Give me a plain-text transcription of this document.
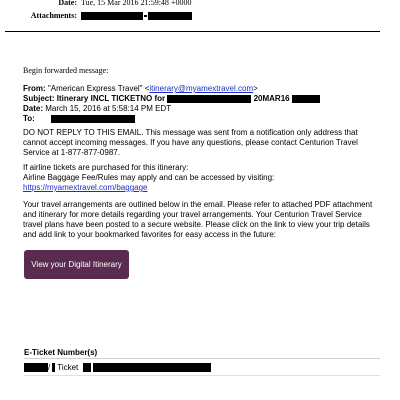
Date: Tue, 15 Mar 2016 21:59:48 +0000
Attachments:
Begin forwarded message:
From: "American Express Travel" <itinerary@myamextravel.com>
Subject: Itinerary INCL TICKETNO for	20MAR16
Date: March 15, 2016 at 5:58:14 PM EDT
To:
DO NOT REPLY TO THIS EMAIL. This message was sent from a notification only address that
cannot accept incoming messages. If you have any questions, please contact Centurion Travel
Service at 1-877-877-0987.
If airline tickets are purchased for this itinerary:
Airline Baggage Fee/Rules may apply and can be accessed by visiting:
https://myamextravel.com/baggage
Your travel arrangements are outlined below in the email. Please refer to attached PDF attachment
and itinerary for more details regarding your travel arrangements. Your Centurion Travel Service
travel plans have been posted to a secure website. Please click on the link to view your trip details
and add link to your bookmarked favorites for easy access in the future:
View your Digital Itinerary
E-Ticket Number(s)
/ Ticket
